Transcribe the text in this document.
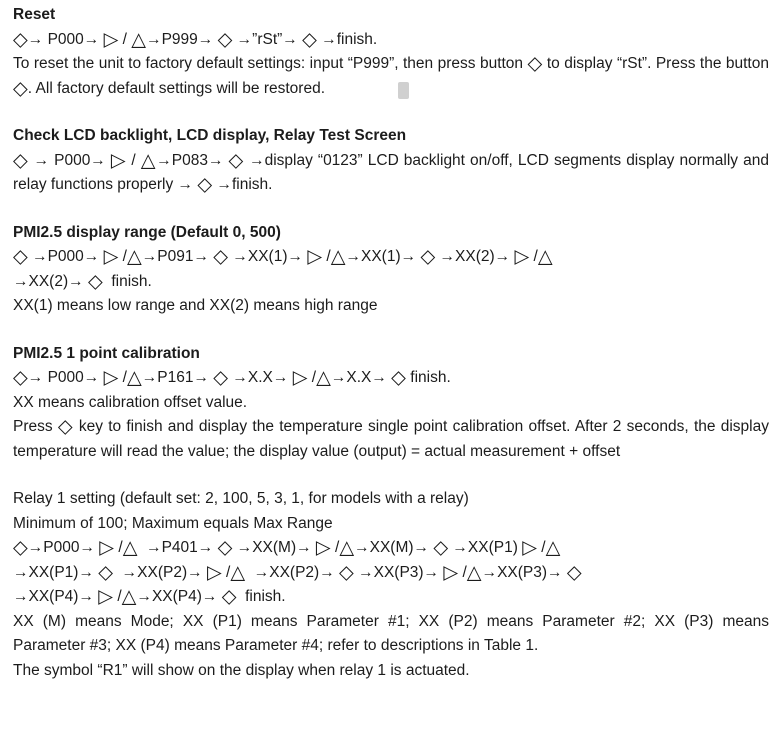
Reset
◇→ P000→ ▷ / △→P999→ ◇ →”rSt”→ ◇ →finish.

To reset the unit to factory default settings: input “P999”, then press button ◇ to display “rSt”. Press the button ◇. All factory default settings will be restored.

Check LCD backlight, LCD display, Relay Test Screen

◇ → P000→ ▷ / △→P083→ ◇ →display “0123” LCD backlight on/off, LCD segments display normally and relay functions properly → ◇ →finish.

PMI2.5 display range (Default 0, 500)
◇ →P000→ ▷ /△→P091→ ◇ →XX(1)→ ▷ /△→XX(1)→ ◇ →XX(2)→ ▷ /△
→XX(2)→ ◇  finish.
XX(1) means low range and XX(2) means high range
PMI2.5 1 point calibration
◇→ P000→ ▷ /△→P161→ ◇ →X.X→ ▷ /△→X.X→ ◇ finish.
XX means calibration offset value.

Press ◇ key to finish and display the temperature single point calibration offset. After 2 seconds, the display temperature will read the value; the display value (output) = actual measurement + offset

Relay 1 setting (default set: 2, 100, 5, 3, 1, for models with a relay)
Minimum of 100; Maximum equals Max Range
◇→P000→ ▷ /△  →P401→ ◇ →XX(M)→ ▷ /△→XX(M)→ ◇ →XX(P1) ▷ /△
→XX(P1)→ ◇  →XX(P2)→ ▷ /△  →XX(P2)→ ◇ →XX(P3)→ ▷ /△→XX(P3)→ ◇
→XX(P4)→ ▷ /△→XX(P4)→ ◇  finish.

XX (M) means Mode; XX (P1) means Parameter #1; XX (P2) means Parameter #2; XX (P3) means Parameter #3; XX (P4) means Parameter #4; refer to descriptions in Table 1.

The symbol “R1” will show on the display when relay 1 is actuated.
